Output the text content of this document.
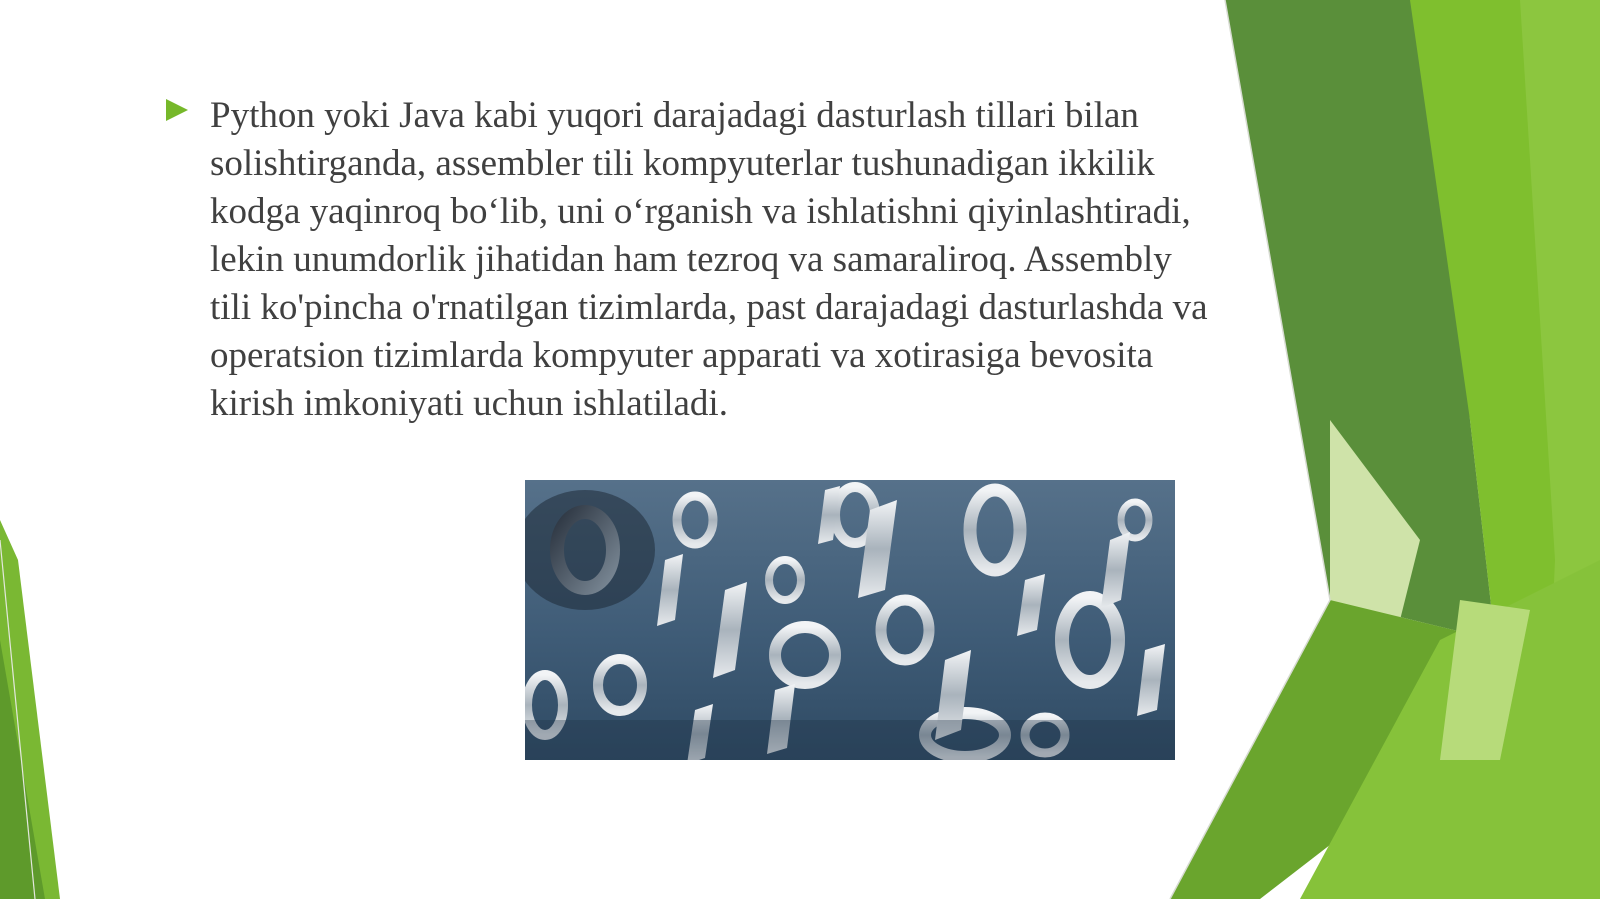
Python yoki Java kabi yuqori darajadagi dasturlash tillari bilan solishtirganda, assembler tili kompyuterlar tushunadigan ikkilik kodga yaqinroq bo‘lib, uni o‘rganish va ishlatishni qiyinlashtiradi, lekin unumdorlik jihatidan ham tezroq va samaraliroq. Assembly tili ko'pincha o'rnatilgan tizimlarda, past darajadagi dasturlashda va operatsion tizimlarda kompyuter apparati va xotirasiga bevosita kirish imkoniyati uchun ishlatiladi.
